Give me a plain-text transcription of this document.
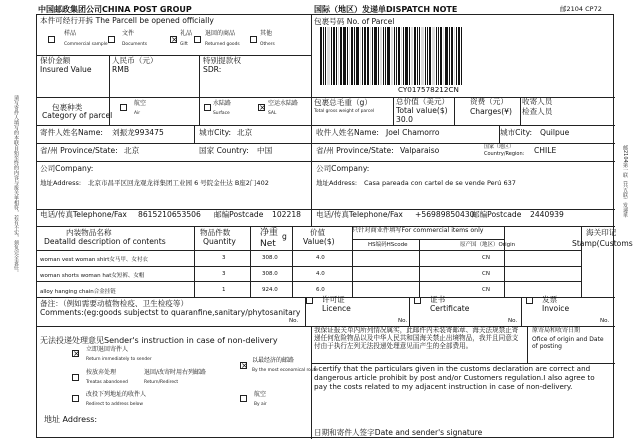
中国邮政集团公司CHINA POST GROUP	国际（地区）发递单DISPATCH NOTE	邮2104 CP72
请写寄件人填写的本联自始至终的内容与报关单相符，若有不实，须负完全责任。	邮2104第一联（共五联）发递单
本件可经行开拆 The Parcell be opened officially
样品
Commercial sample
文件
Documents
×
礼品
Gift
退回的商品
Returned goods
其他
Others
包裹号码 No. of Parcel
CY017578212CN
保价金额
Insured Value
人民币（元）
RMB
特别提款权
SDR:
包裹种类
Category of parcel
航空
Air
水陆路
Surface
× 空运水陆路
SAL
包裹总毛重（g）
Total gross weight of parcel
总价值（美元）
Total value($)
30.0
资费（元）
Charges(¥)
收寄人员
检查人员
寄件人姓名Name: 刘振龙993475	城市City: 北京	收件人姓名Name: Joel Chamorro	城市City: Quilpue
省/州 Province/State: 北京	国家 Country: 中国	省/州 Province/State: Valparaiso	国家（地区）
Country/Region: CHILE
公司Company:	公司Company:
地址Address: 北京市昌平区回龙观龙祥集团工业园 6 号院金仕达 B座2门402	地址Address: Casa pareada con cartel de se vende Perú 637
电话/传真Telephone/Fax 8615210653506 邮编Postcade 102218 电话/传真Telephone/Fax +56989850430
邮编Postcade 2440939
内装物品名称
Deatalld description of contents
物品件数
Quantity
净重
Net
g	价值
Value($)
只针对商业件填写For commercial items only
HS编码HScode	原产国（地区）Origin
海关印记
Stamp(Customs
woman vest woman shirt女马甲、女衬衣	3	308.0	4.0	CN
woman shorts woman hat女短裤、女帽	3	308.0	4.0	CN
alloy hanging chain合金挂链	1	924.0	6.0	CN
备注：（例如需要动植物检疫、卫生检疫等）
Comments:(eg:goods subjectst to quaranfine,sanitary/phytosanitary
No.
许可证
Licence
No.
证书
Certificate
No.
发票
Invoice
No.
无法投递处理意见Sender's instruction in case of non-delivery
× 立即退回寄件人
Return immediately to sender
×
以最经济的邮路
By the most economical route
按放弃处理
Treatas abandoned
退回/改寄时用右列邮路
Return/Redirect
改投下列地址的收件人
Redirect to address below
航空
By air
地址 Address:
我保证报关单内所列情况属实，此邮件内未装寄邮章、海关法规禁止寄递任何危险物品以及中华人民共和国海关禁止出境物品，我并且同意支付由于执行左列无法投递处理意见而产生的全部费用。
原寄局和收寄日期
Ofice of origin and Date of posting
I certify that the particulars given in the customs declaration are correct and dangerous article prohibit by post and/or Customers regulation.I also agree to pay the costs related to my adjacent instruction in case of non-delivery.
日期和寄件人签字Date and sender's signature
